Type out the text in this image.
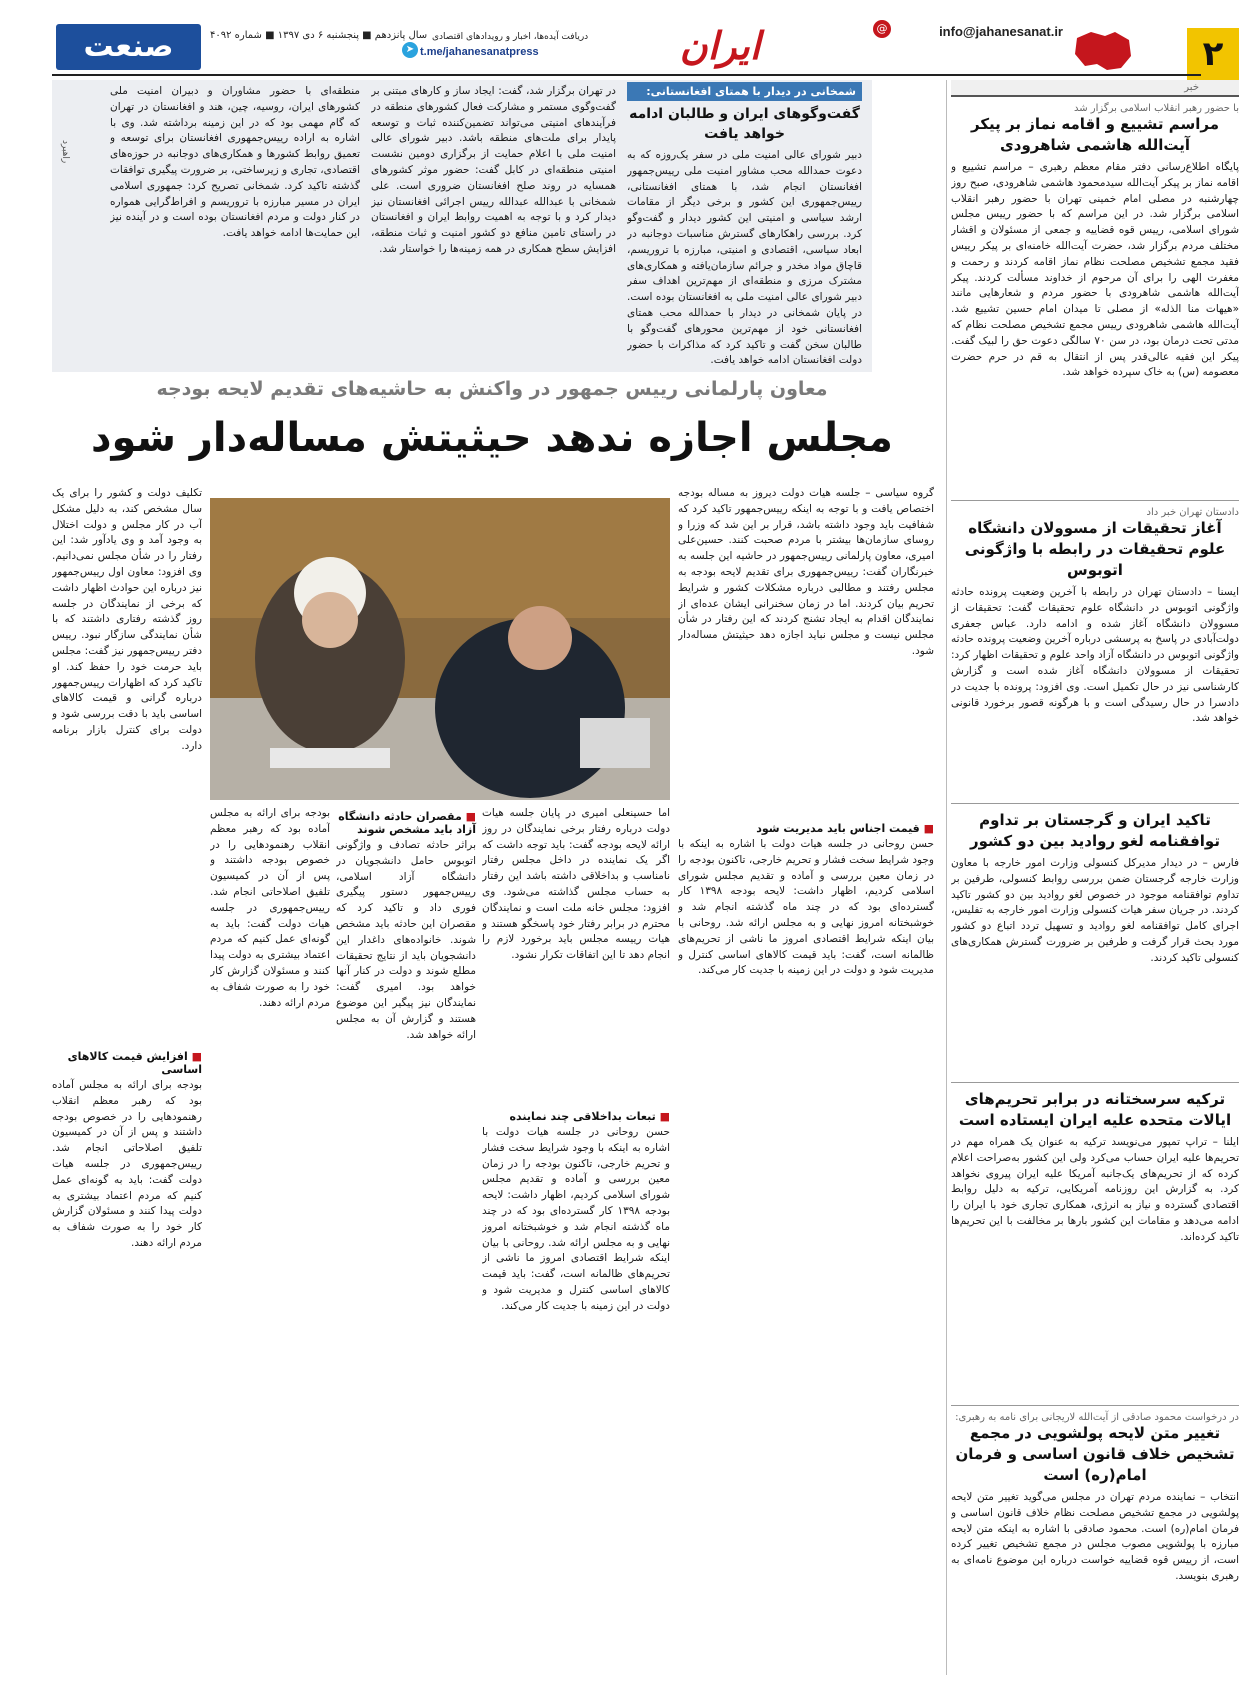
۲
info@jahanesanat.ir
@
ایران
دریافت آیده‌ها، اخبار و رویدادهای اقتصادی
t.me/jahanesanatpress
➤
سال پانزدهم ■ پنجشنبه ۶ دی ۱۳۹۷ ■ شماره ۴۰۹۲
صنعت
شمخانی در دیدار با همتای افغانستانی:
گفت‌وگوهای ایران و طالبان ادامه خواهد یافت
دبیر شورای عالی امنیت ملی در سفر یک‌روزه که به دعوت حمدالله محب مشاور امنیت ملی رییس‌جمهور افغانستان انجام شد، با همتای افغانستانی، رییس‌جمهوری این کشور و برخی دیگر از مقامات ارشد سیاسی و امنیتی این کشور دیدار و گفت‌وگو کرد. بررسی راهکارهای گسترش مناسبات دوجانبه در ابعاد سیاسی، اقتصادی و امنیتی، مبارزه با تروریسم، قاچاق مواد مخدر و جرائم سازمان‌یافته و همکاری‌های مشترک مرزی و منطقه‌ای از مهم‌ترین اهداف سفر دبیر شورای عالی امنیت ملی به افغانستان بوده است. در پایان شمخانی در دیدار با حمدالله محب همتای افغانستانی خود از مهم‌ترین محورهای گفت‌وگو با طالبان سخن گفت و تاکید کرد که مذاکرات با حضور دولت افغانستان ادامه خواهد یافت.
در تهران برگزار شد، گفت: ایجاد ساز و کارهای مبتنی بر گفت‌وگوی مستمر و مشارکت فعال کشورهای منطقه در فرآیندهای امنیتی می‌تواند تضمین‌کننده ثبات و توسعه پایدار برای ملت‌های منطقه باشد. دبیر شورای عالی امنیت ملی با اعلام حمایت از برگزاری دومین نشست امنیتی منطقه‌ای در کابل گفت: حضور موثر کشورهای همسایه در روند صلح افغانستان ضروری است. علی شمخانی با عبدالله عبدالله رییس اجرائی افغانستان نیز دیدار کرد و با توجه به اهمیت روابط ایران و افغانستان در راستای تامین منافع دو کشور امنیت و ثبات منطقه، افزایش سطح همکاری در همه زمینه‌ها را خواستار شد.
منطقه‌ای با حضور مشاوران و دبیران امنیت ملی کشورهای ایران، روسیه، چین، هند و افغانستان در تهران که گام مهمی بود که در این زمینه برداشته شد. وی با اشاره به اراده رییس‌جمهوری افغانستان برای توسعه و تعمیق روابط کشورها و همکاری‌های دوجانبه در حوزه‌های اقتصادی، تجاری و زیرساختی، بر ضرورت پیگیری توافقات گذشته تاکید کرد. شمخانی تصریح کرد: جمهوری اسلامی ایران در مسیر مبارزه با تروریسم و افراط‌گرایی همواره در کنار دولت و مردم افغانستان بوده است و در آینده نیز این حمایت‌ها ادامه خواهد یافت.
راهبرد
خبر
با حضور رهبر انقلاب اسلامی برگزار شد
مراسم تشییع و اقامه نماز بر پیکر آیت‌الله هاشمی شاهرودی
پایگاه اطلاع‌رسانی دفتر مقام معظم رهبری – مراسم تشییع و اقامه نماز بر پیکر آیت‌الله سیدمحمود هاشمی شاهرودی، صبح روز چهارشنبه در مصلی امام خمینی تهران با حضور رهبر انقلاب اسلامی برگزار شد. در این مراسم که با حضور رییس مجلس شورای اسلامی، رییس قوه قضاییه و جمعی از مسئولان و اقشار مختلف مردم برگزار شد، حضرت آیت‌الله خامنه‌ای بر پیکر رییس فقید مجمع تشخیص مصلحت نظام نماز اقامه کردند و رحمت و مغفرت الهی را برای آن مرحوم از خداوند مسألت کردند. پیکر آیت‌الله هاشمی شاهرودی با حضور مردم و شعارهایی مانند «هیهات منا الذله» از مصلی تا میدان امام حسین تشییع شد. آیت‌الله هاشمی شاهرودی رییس مجمع تشخیص مصلحت نظام که مدتی تحت درمان بود، در سن ۷۰ سالگی دعوت حق را لبیک گفت. پیکر این فقیه عالی‌قدر پس از انتقال به قم در حرم حضرت معصومه (س) به خاک سپرده خواهد شد.
دادستان تهران خبر داد
آغاز تحقیقات از مسوولان دانشگاه علوم تحقیقات در رابطه با واژگونی اتوبوس
ایسنا – دادستان تهران در رابطه با آخرین وضعیت پرونده حادثه واژگونی اتوبوس در دانشگاه علوم تحقیقات گفت: تحقیقات از مسوولان دانشگاه آغاز شده و ادامه دارد. عباس جعفری دولت‌آبادی در پاسخ به پرسشی درباره آخرین وضعیت پرونده حادثه واژگونی اتوبوس در دانشگاه آزاد واحد علوم و تحقیقات اظهار کرد: تحقیقات از مسوولان دانشگاه آغاز شده است و گزارش کارشناسی نیز در حال تکمیل است. وی افزود: پرونده با جدیت در دادسرا در حال رسیدگی است و با هرگونه قصور برخورد قانونی خواهد شد.
تاکید ایران و گرجستان بر تداوم توافقنامه لغو روادید بین دو کشور
فارس – در دیدار مدیرکل کنسولی وزارت امور خارجه با معاون وزارت خارجه گرجستان ضمن بررسی روابط کنسولی، طرفین بر تداوم توافقنامه موجود در خصوص لغو روادید بین دو کشور تاکید کردند. در جریان سفر هیات کنسولی وزارت امور خارجه به تفلیس، اجرای کامل توافقنامه لغو روادید و تسهیل تردد اتباع دو کشور مورد بحث قرار گرفت و طرفین بر ضرورت گسترش همکاری‌های کنسولی تاکید کردند.
ترکیه سرسختانه در برابر تحریم‌های ایالات متحده علیه ایران ایستاده است
ایلنا – تراپ تمپور می‌نویسد ترکیه به عنوان یک همراه مهم در تحریم‌ها علیه ایران حساب می‌کرد ولی این کشور به‌صراحت اعلام کرده که از تحریم‌های یک‌جانبه آمریکا علیه ایران پیروی نخواهد کرد. به گزارش این روزنامه آمریکایی، ترکیه به دلیل روابط اقتصادی گسترده و نیاز به انرژی، همکاری تجاری خود با ایران را ادامه می‌دهد و مقامات این کشور بارها بر مخالفت با این تحریم‌ها تاکید کرده‌اند.
در درخواست محمود صادقی از آیت‌الله لاریجانی برای نامه به رهبری:
تغییر متن لایحه پولشویی در مجمع تشخیص خلاف قانون اساسی و فرمان امام(ره) است
انتخاب – نماینده مردم تهران در مجلس می‌گوید تغییر متن لایحه پولشویی در مجمع تشخیص مصلحت نظام خلاف قانون اساسی و فرمان امام(ره) است. محمود صادقی با اشاره به اینکه متن لایحه مبارزه با پولشویی مصوب مجلس در مجمع تشخیص تغییر کرده است، از رییس قوه قضاییه خواست درباره این موضوع نامه‌ای به رهبری بنویسد.
معاون پارلمانی رییس جمهور در واکنش به حاشیه‌های تقدیم لایحه بودجه
مجلس اجازه ندهد حیثیتش مساله‌دار شود
گروه سیاسی – جلسه هیات دولت دیروز به مساله بودجه اختصاص یافت و با توجه به اینکه رییس‌جمهور تاکید کرد که شفافیت باید وجود داشته باشد، قرار بر این شد که وزرا و روسای سازمان‌ها بیشتر با مردم صحبت کنند. حسین‌علی امیری، معاون پارلمانی رییس‌جمهور در حاشیه این جلسه به خبرنگاران گفت: رییس‌جمهوری برای تقدیم لایحه بودجه به مجلس رفتند و مطالبی درباره مشکلات کشور و شرایط تحریم بیان کردند. اما در زمان سخنرانی ایشان عده‌ای از نمایندگان اقدام به ایجاد تشنج کردند که این رفتار در شأن مجلس نیست و مجلس نباید اجازه دهد حیثیتش مساله‌دار شود.
■ قیمت اجناس باید مدیریت شود
حسن روحانی در جلسه هیات دولت با اشاره به اینکه با وجود شرایط سخت فشار و تحریم خارجی، تاکنون بودجه را در زمان معین بررسی و آماده و تقدیم مجلس شورای اسلامی کردیم، اظهار داشت: لایحه بودجه ۱۳۹۸ کار گسترده‌ای بود که در چند ماه گذشته انجام شد و خوشبختانه امروز نهایی و به مجلس ارائه شد. روحانی با بیان اینکه شرایط اقتصادی امروز ما ناشی از تحریم‌های ظالمانه است، گفت: باید قیمت کالاهای اساسی کنترل و مدیریت شود و دولت در این زمینه با جدیت کار می‌کند.
اما حسینعلی امیری در پایان جلسه هیات دولت درباره رفتار برخی نمایندگان در روز ارائه لایحه بودجه گفت: باید توجه داشت که اگر یک نماینده در داخل مجلس رفتار نامناسب و بداخلاقی داشته باشد این رفتار به حساب مجلس گذاشته می‌شود. وی افزود: مجلس خانه ملت است و نمایندگان محترم در برابر رفتار خود پاسخگو هستند و هیات رییسه مجلس باید برخورد لازم را انجام دهد تا این اتفاقات تکرار نشود.
■ تبعات بداخلاقی چند نماینده
حسن روحانی در جلسه هیات دولت با اشاره به اینکه با وجود شرایط سخت فشار و تحریم خارجی، تاکنون بودجه را در زمان معین بررسی و آماده و تقدیم مجلس شورای اسلامی کردیم، اظهار داشت: لایحه بودجه ۱۳۹۸ کار گسترده‌ای بود که در چند ماه گذشته انجام شد و خوشبختانه امروز نهایی و به مجلس ارائه شد. روحانی با بیان اینکه شرایط اقتصادی امروز ما ناشی از تحریم‌های ظالمانه است، گفت: باید قیمت کالاهای اساسی کنترل و مدیریت شود و دولت در این زمینه با جدیت کار می‌کند.
■ مقصران حادثه دانشگاه آزاد باید مشخص شوند
براثر حادثه تصادف و واژگونی اتوبوس حامل دانشجویان در دانشگاه آزاد اسلامی، رییس‌جمهور دستور پیگیری فوری داد و تاکید کرد که مقصران این حادثه باید مشخص شوند. خانواده‌های داغدار این دانشجویان باید از نتایج تحقیقات مطلع شوند و دولت در کنار آنها خواهد بود. امیری گفت: نمایندگان نیز پیگیر این موضوع هستند و گزارش آن به مجلس ارائه خواهد شد.
بودجه برای ارائه به مجلس آماده بود که رهبر معظم انقلاب رهنمودهایی را در خصوص بودجه داشتند و پس از آن در کمیسیون تلفیق اصلاحاتی انجام شد. رییس‌جمهوری در جلسه هیات دولت گفت: باید به گونه‌ای عمل کنیم که مردم اعتماد بیشتری به دولت پیدا کنند و مسئولان گزارش کار خود را به صورت شفاف به مردم ارائه دهند.
تکلیف دولت و کشور را برای یک سال مشخص کند، به دلیل مشکل آب در کار مجلس و دولت اختلال به وجود آمد و وی یادآور شد: این رفتار را در شأن مجلس نمی‌دانیم. وی افزود: معاون اول رییس‌جمهور نیز درباره این حوادث اظهار داشت که برخی از نمایندگان در جلسه روز گذشته رفتاری داشتند که با شأن نمایندگی سازگار نبود. رییس دفتر رییس‌جمهور نیز گفت: مجلس باید حرمت خود را حفظ کند. او تاکید کرد که اظهارات رییس‌جمهور درباره گرانی و قیمت کالاهای اساسی باید با دقت بررسی شود و دولت برای کنترل بازار برنامه دارد.
■ افزایش قیمت کالاهای اساسی
بودجه برای ارائه به مجلس آماده بود که رهبر معظم انقلاب رهنمودهایی را در خصوص بودجه داشتند و پس از آن در کمیسیون تلفیق اصلاحاتی انجام شد. رییس‌جمهوری در جلسه هیات دولت گفت: باید به گونه‌ای عمل کنیم که مردم اعتماد بیشتری به دولت پیدا کنند و مسئولان گزارش کار خود را به صورت شفاف به مردم ارائه دهند.
